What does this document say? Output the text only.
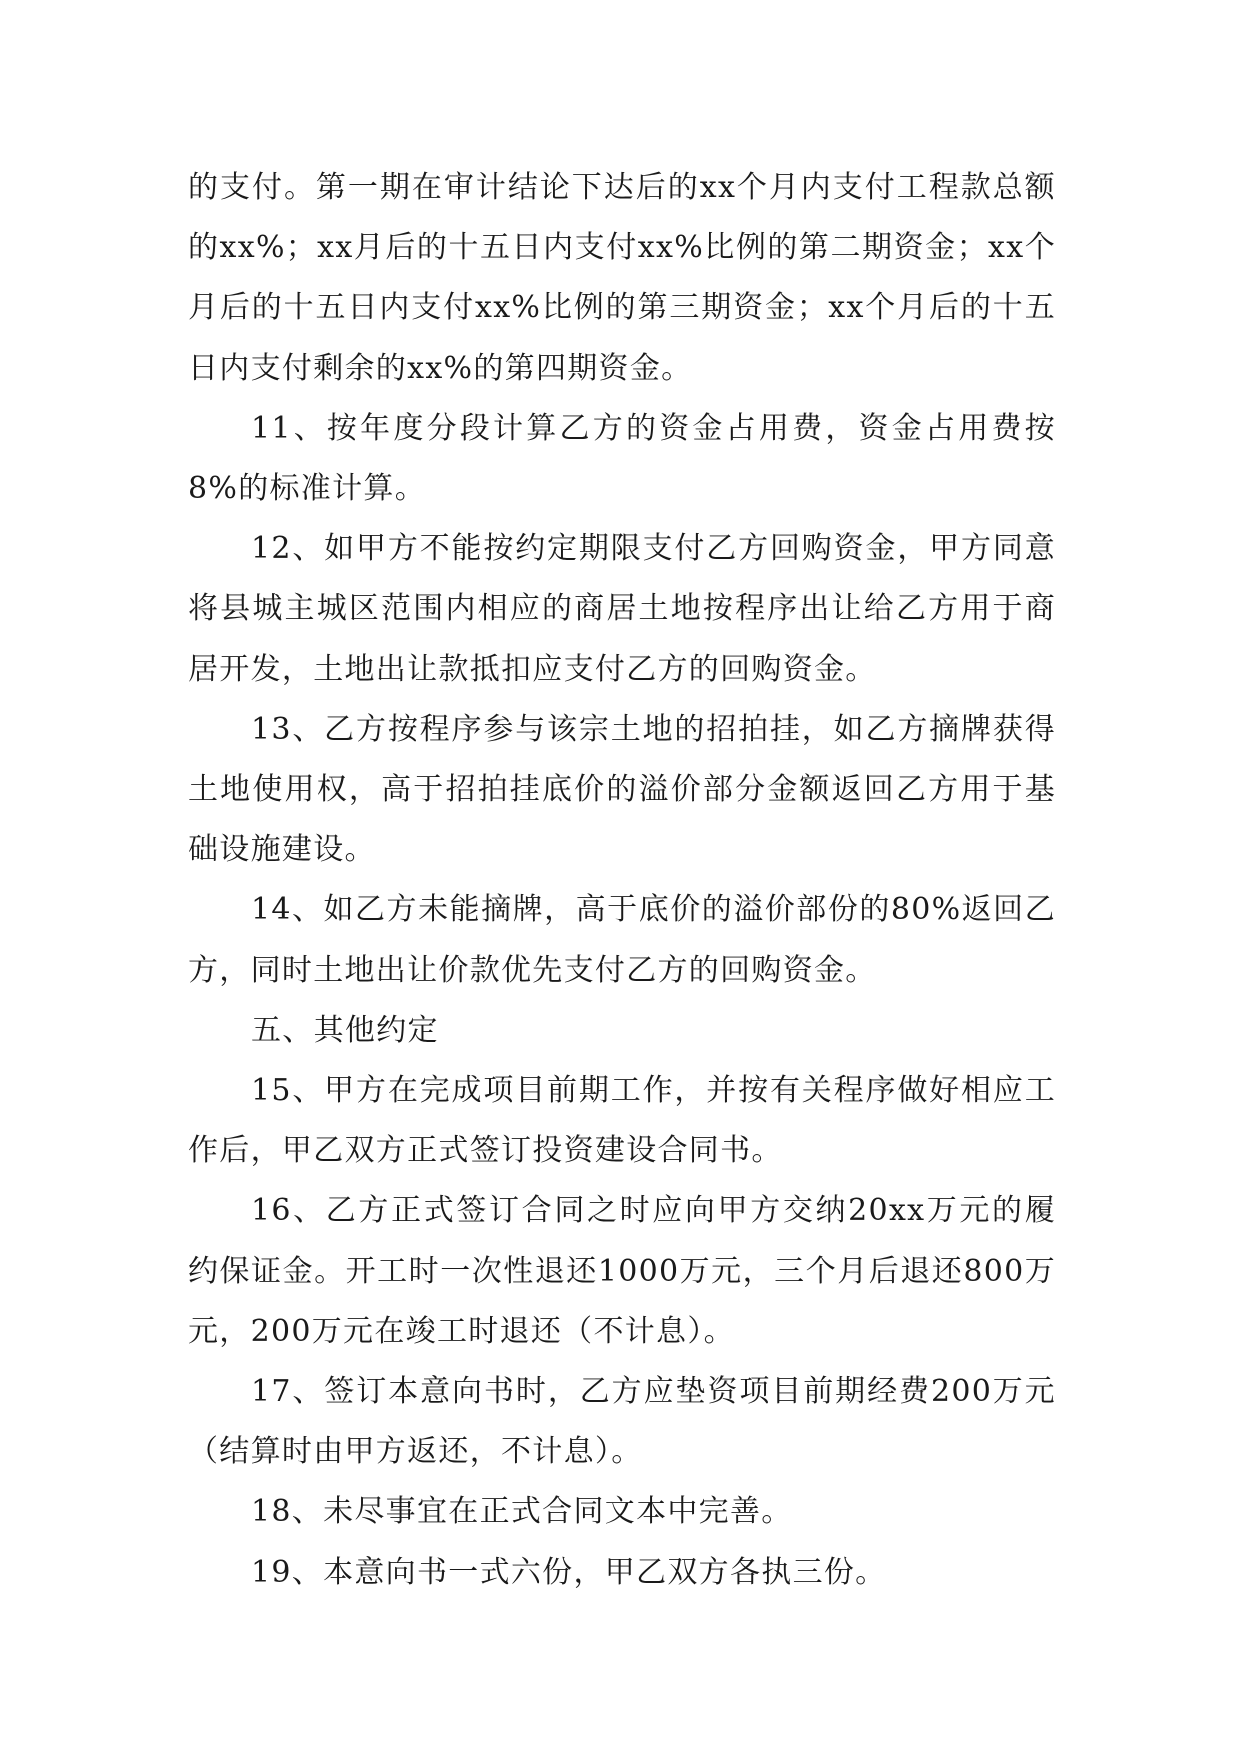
的支付。第一期在审计结论下达后的xx个月内支付工程款总额的xx%；xx月后的十五日内支付xx%比例的第二期资金；xx个月后的十五日内支付xx%比例的第三期资金；xx个月后的十五日内支付剩余的xx%的第四期资金。

11、按年度分段计算乙方的资金占用费，资金占用费按8%的标准计算。

12、如甲方不能按约定期限支付乙方回购资金，甲方同意将县城主城区范围内相应的商居土地按程序出让给乙方用于商居开发，土地出让款抵扣应支付乙方的回购资金。

13、乙方按程序参与该宗土地的招拍挂，如乙方摘牌获得土地使用权，高于招拍挂底价的溢价部分金额返回乙方用于基础设施建设。

14、如乙方未能摘牌，高于底价的溢价部份的80%返回乙方，同时土地出让价款优先支付乙方的回购资金。

五、其他约定

15、甲方在完成项目前期工作，并按有关程序做好相应工作后，甲乙双方正式签订投资建设合同书。

16、乙方正式签订合同之时应向甲方交纳20xx万元的履约保证金。开工时一次性退还1000万元，三个月后退还800万元，200万元在竣工时退还（不计息）。

17、签订本意向书时，乙方应垫资项目前期经费200万元（结算时由甲方返还，不计息）。

18、未尽事宜在正式合同文本中完善。

19、本意向书一式六份，甲乙双方各执三份。
